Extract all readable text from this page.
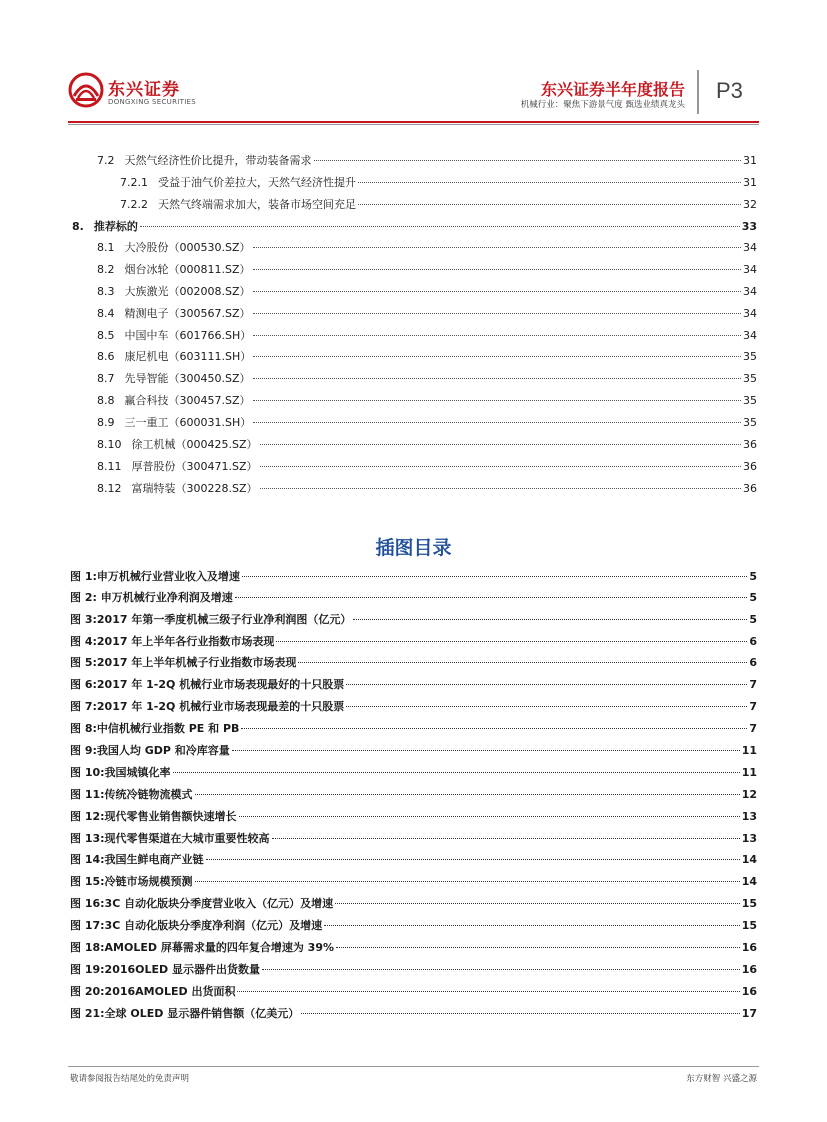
东兴证券
DONGXING SECURITIES
东兴证券半年度报告
机械行业：聚焦下游景气度 甄选业绩真龙头
P3
7.2 天然气经济性价比提升，带动装备需求	31
7.2.1 受益于油气价差拉大，天然气经济性提升	31
7.2.2 天然气终端需求加大，装备市场空间充足	32
8. 推荐标的	33
8.1 大冷股份（000530.SZ）	34
8.2 烟台冰轮（000811.SZ）	34
8.3 大族激光（002008.SZ）	34
8.4 精测电子（300567.SZ）	34
8.5 中国中车（601766.SH）	34
8.6 康尼机电（603111.SH）	35
8.7 先导智能（300450.SZ）	35
8.8 赢合科技（300457.SZ）	35
8.9 三一重工（600031.SH）	35
8.10 徐工机械（000425.SZ）	36
8.11 厚普股份（300471.SZ）	36
8.12 富瑞特装（300228.SZ）	36
插图目录
图 1:申万机械行业营业收入及增速	5
图 2: 申万机械行业净利润及增速	5
图 3:2017 年第一季度机械三级子行业净利润图（亿元）	5
图 4:2017 年上半年各行业指数市场表现	6
图 5:2017 年上半年机械子行业指数市场表现	6
图 6:2017 年 1-2Q 机械行业市场表现最好的十只股票	7
图 7:2017 年 1-2Q 机械行业市场表现最差的十只股票	7
图 8:中信机械行业指数 PE 和 PB	7
图 9:我国人均 GDP 和冷库容量	11
图 10:我国城镇化率	11
图 11:传统冷链物流模式	12
图 12:现代零售业销售额快速增长	13
图 13:现代零售渠道在大城市重要性较高	13
图 14:我国生鲜电商产业链	14
图 15:冷链市场规模预测	14
图 16:3C 自动化版块分季度营业收入（亿元）及增速	15
图 17:3C 自动化版块分季度净利润（亿元）及增速	15
图 18:AMOLED 屏幕需求量的四年复合增速为 39%	16
图 19:2016OLED 显示器件出货数量	16
图 20:2016AMOLED 出货面积	16
图 21:全球 OLED 显示器件销售额（亿美元）	17
敬请参阅报告结尾处的免责声明	东方财智 兴盛之源
